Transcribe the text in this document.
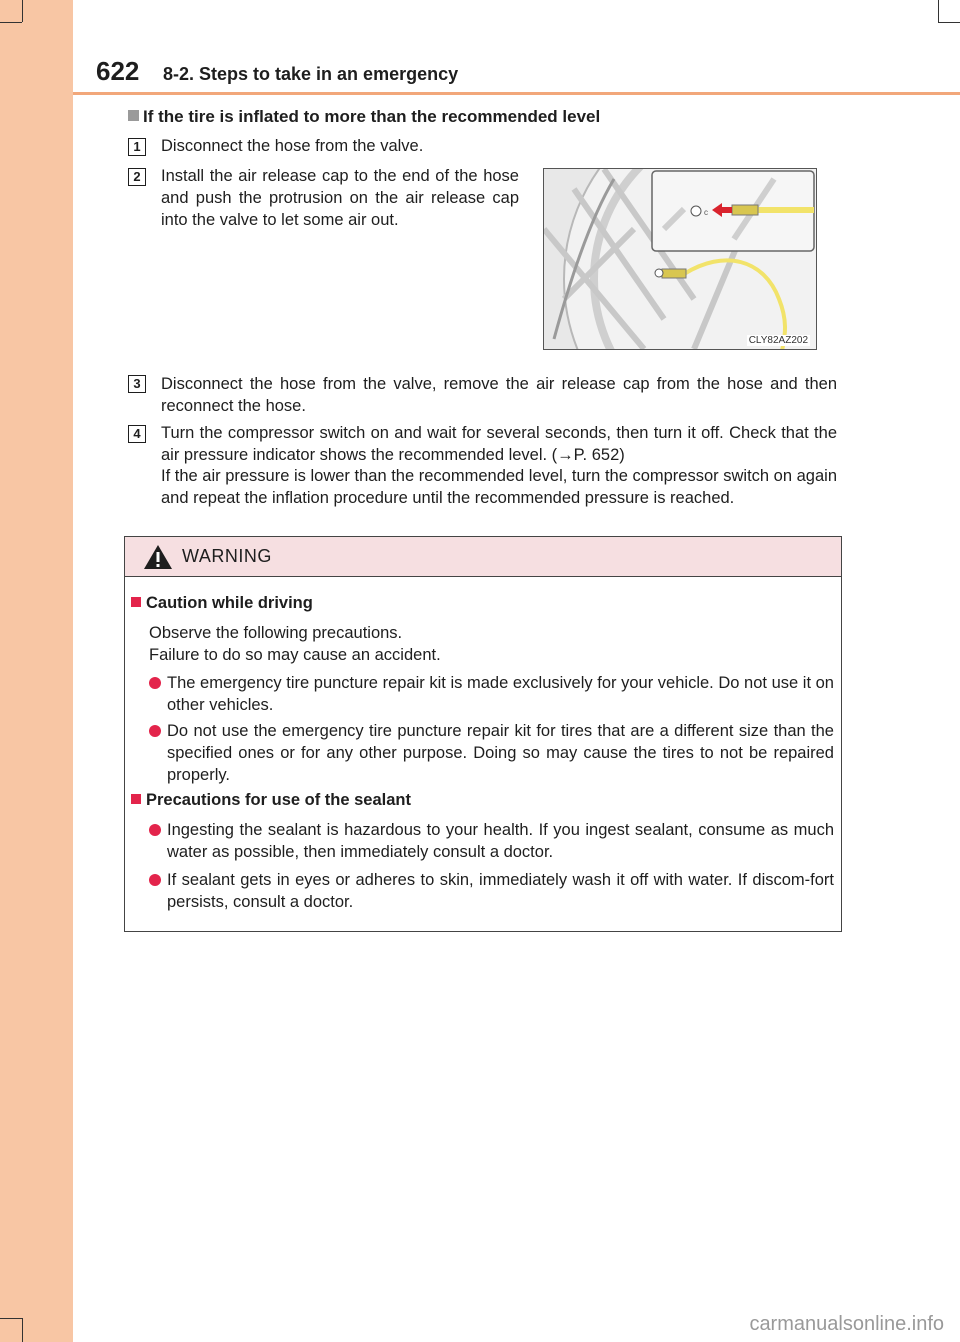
622 8-2. Steps to take in an emergency
If the tire is inflated to more than the recommended level
1	Disconnect the hose from the valve.
2	Install the air release cap to the end of the hose and push the protrusion on the air release cap into the valve to let some air out.	c
CLY82AZ202
3	Disconnect the hose from the valve, remove the air release cap from the hose and then reconnect the hose.
4	Turn the compressor switch on and wait for several seconds, then turn it off. Check that the air pressure indicator shows the recommended level. (→P. 652)
If the air pressure is lower than the recommended level, turn the compressor switch on again and repeat the inflation procedure until the recommended pressure is reached.
WARNING
Caution while driving
Observe the following precautions.
Failure to do so may cause an accident.
The emergency tire puncture repair kit is made exclusively for your vehicle. Do not use it on other vehicles.
Do not use the emergency tire puncture repair kit for tires that are a different size than the specified ones or for any other purpose. Doing so may cause the tires to not be repaired properly.
Precautions for use of the sealant
Ingesting the sealant is hazardous to your health. If you ingest sealant, consume as much water as possible, then immediately consult a doctor.
If sealant gets in eyes or adheres to skin, immediately wash it off with water. If discom-fort persists, consult a doctor.
carmanualsonline.info
